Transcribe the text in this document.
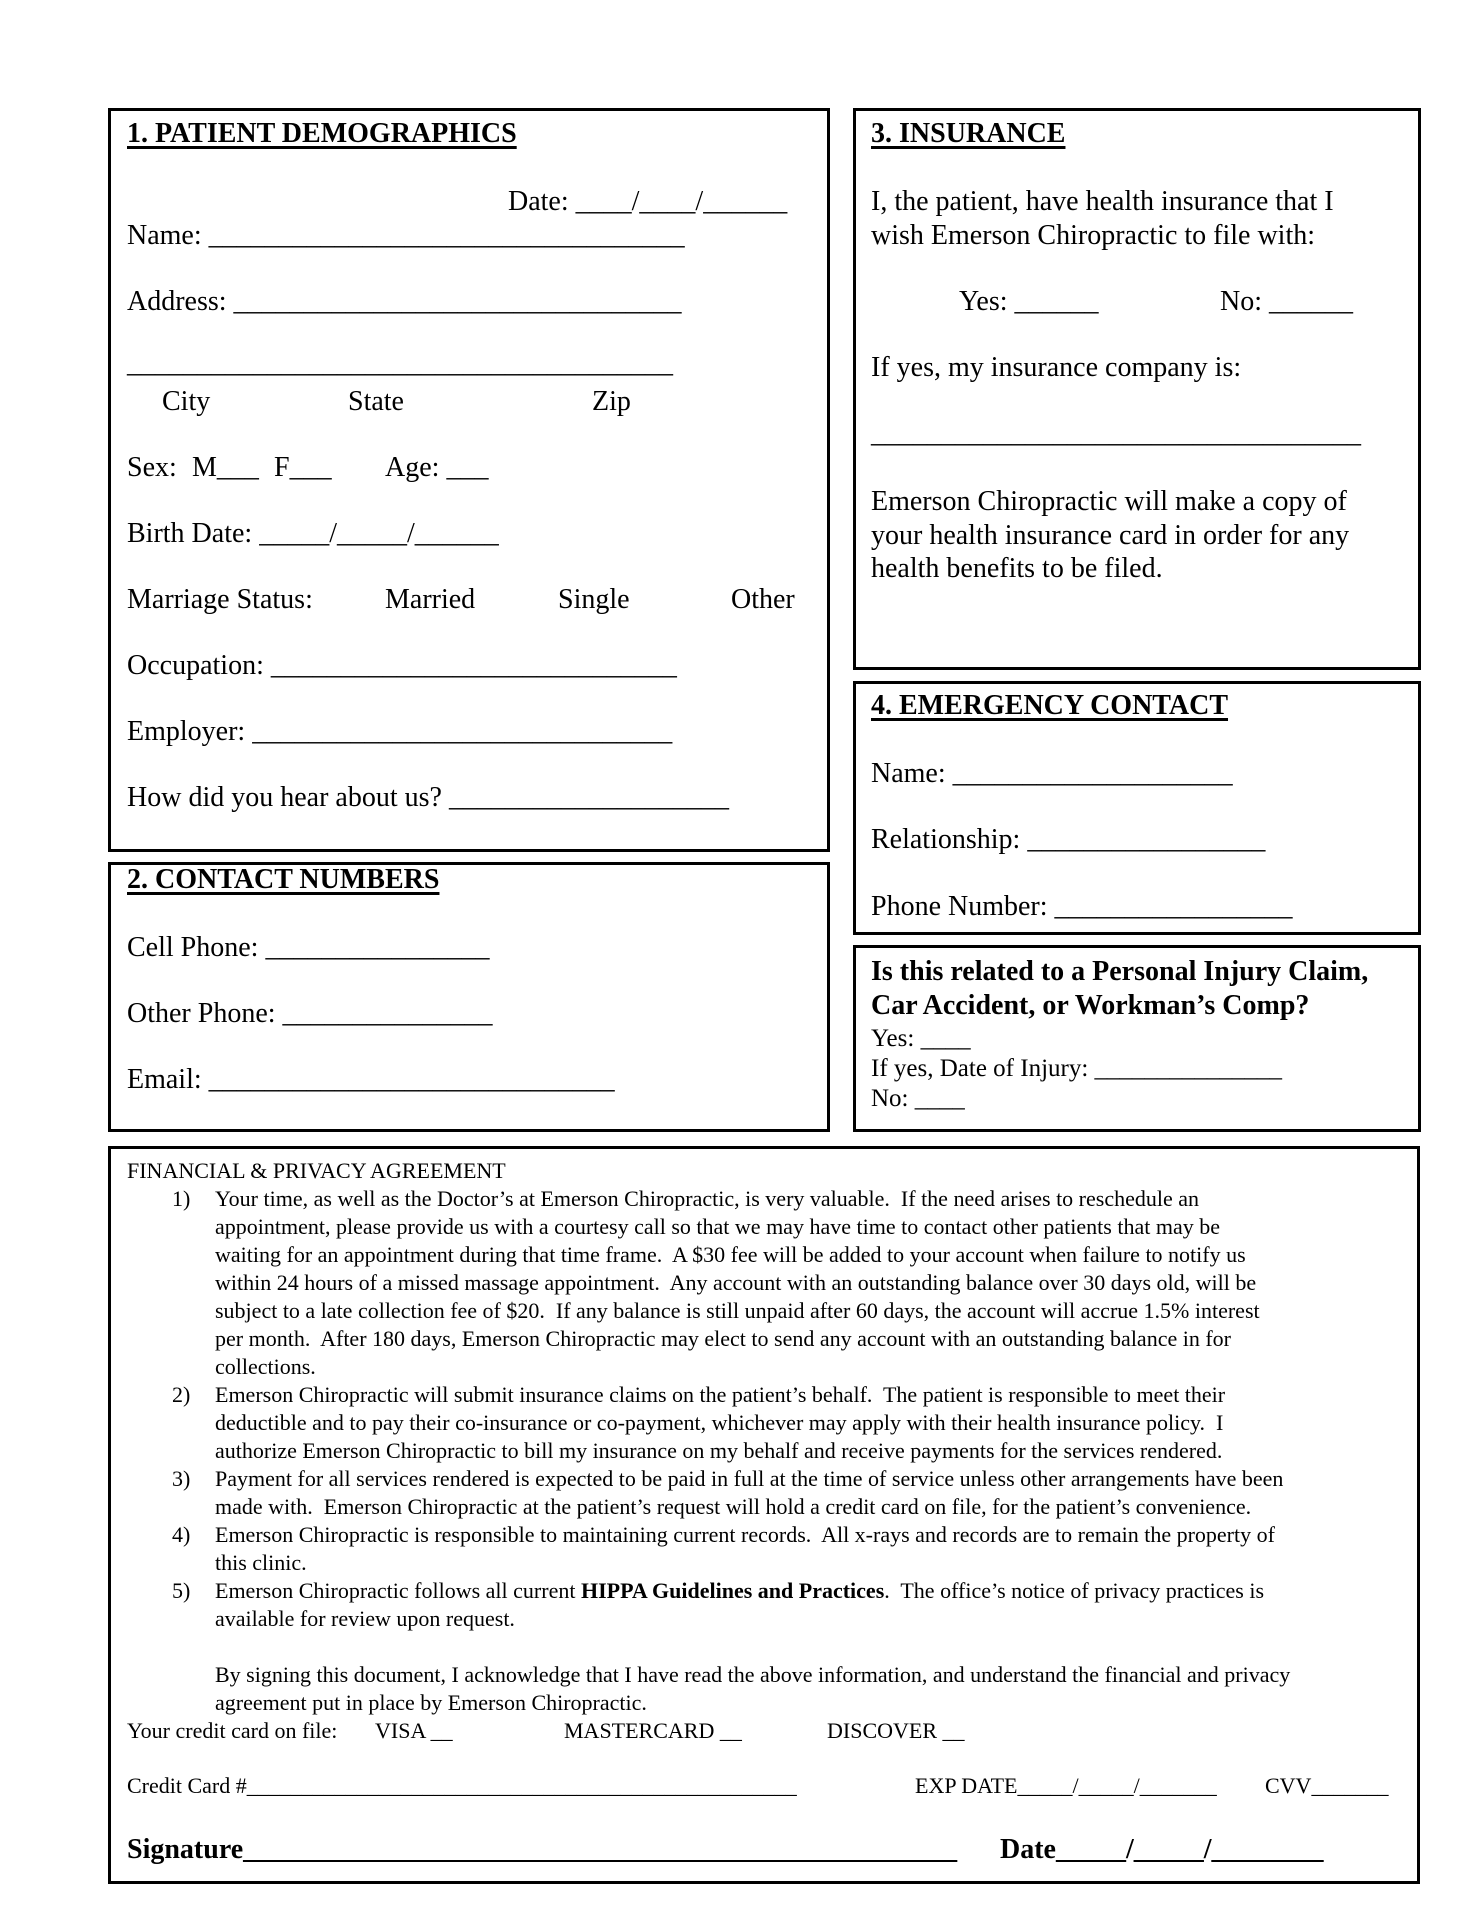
1. PATIENT DEMOGRAPHICS
Date: ____/____/______
Name: __________________________________
Address: ________________________________
_______________________________________
City	State	Zip
Sex: M___ F___ Age: ___
Birth Date: _____/_____/______
Marriage Status:	Married	Single	Other
Occupation: _____________________________
Employer: ______________________________
How did you hear about us? ____________________
2. CONTACT NUMBERS
Cell Phone: ________________
Other Phone: _______________
Email: _____________________________
3. INSURANCE
I, the patient, have health insurance that I
wish Emerson Chiropractic to file with:
Yes: ______	No: ______
If yes, my insurance company is:
___________________________________
Emerson Chiropractic will make a copy of
your health insurance card in order for any
health benefits to be filed.
4. EMERGENCY CONTACT
Name: ____________________
Relationship: _________________
Phone Number: _________________
Is this related to a Personal Injury Claim,
Car Accident, or Workman’s Comp?
Yes: ____
If yes, Date of Injury: _______________
No: ____
FINANCIAL & PRIVACY AGREEMENT
1) Your time, as well as the Doctor’s at Emerson Chiropractic, is very valuable.  If the need arises to reschedule an
appointment, please provide us with a courtesy call so that we may have time to contact other patients that may be
waiting for an appointment during that time frame.  A $30 fee will be added to your account when failure to notify us
within 24 hours of a missed massage appointment.  Any account with an outstanding balance over 30 days old, will be
subject to a late collection fee of $20.  If any balance is still unpaid after 60 days, the account will accrue 1.5% interest
per month.  After 180 days, Emerson Chiropractic may elect to send any account with an outstanding balance in for
collections.
2) Emerson Chiropractic will submit insurance claims on the patient’s behalf.  The patient is responsible to meet their
deductible and to pay their co-insurance or co-payment, whichever may apply with their health insurance policy.  I
authorize Emerson Chiropractic to bill my insurance on my behalf and receive payments for the services rendered.
3) Payment for all services rendered is expected to be paid in full at the time of service unless other arrangements have been
made with.  Emerson Chiropractic at the patient’s request will hold a credit card on file, for the patient’s convenience.
4) Emerson Chiropractic is responsible to maintaining current records.  All x-rays and records are to remain the property of
this clinic.
5) Emerson Chiropractic follows all current HIPPA Guidelines and Practices.  The office’s notice of privacy practices is
available for review upon request.
By signing this document, I acknowledge that I have read the above information, and understand the financial and privacy
agreement put in place by Emerson Chiropractic.
Your credit card on file: VISA __	MASTERCARD __	DISCOVER __
Credit Card #__________________________________________________	EXP DATE_____/_____/_______ CVV_______
Signature___________________________________________________ Date_____/_____/________
